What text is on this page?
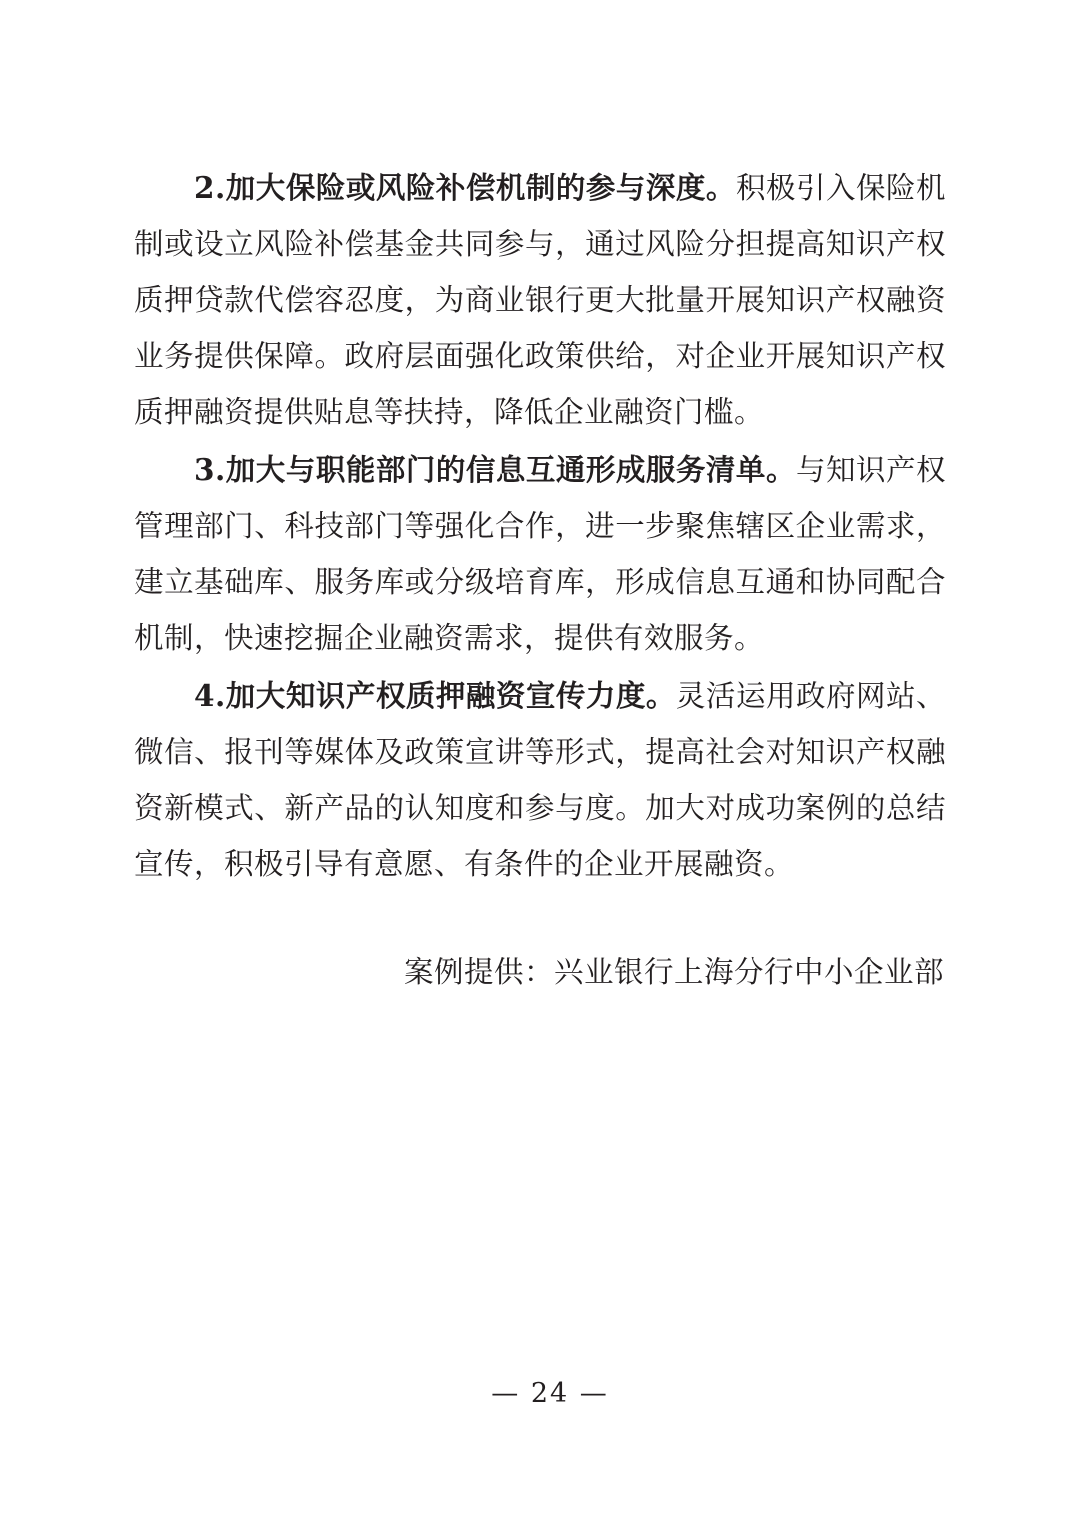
2.加大保险或风险补偿机制的参与深度。积极引入保险机制或设立风险补偿基金共同参与，通过风险分担提高知识产权质押贷款代偿容忍度，为商业银行更大批量开展知识产权融资业务提供保障。政府层面强化政策供给，对企业开展知识产权质押融资提供贴息等扶持，降低企业融资门槛。

3.加大与职能部门的信息互通形成服务清单。与知识产权管理部门、科技部门等强化合作，进一步聚焦辖区企业需求，建立基础库、服务库或分级培育库，形成信息互通和协同配合机制，快速挖掘企业融资需求，提供有效服务。

4.加大知识产权质押融资宣传力度。灵活运用政府网站、微信、报刊等媒体及政策宣讲等形式，提高社会对知识产权融资新模式、新产品的认知度和参与度。加大对成功案例的总结宣传，积极引导有意愿、有条件的企业开展融资。

案例提供：兴业银行上海分行中小企业部

— 24 —
